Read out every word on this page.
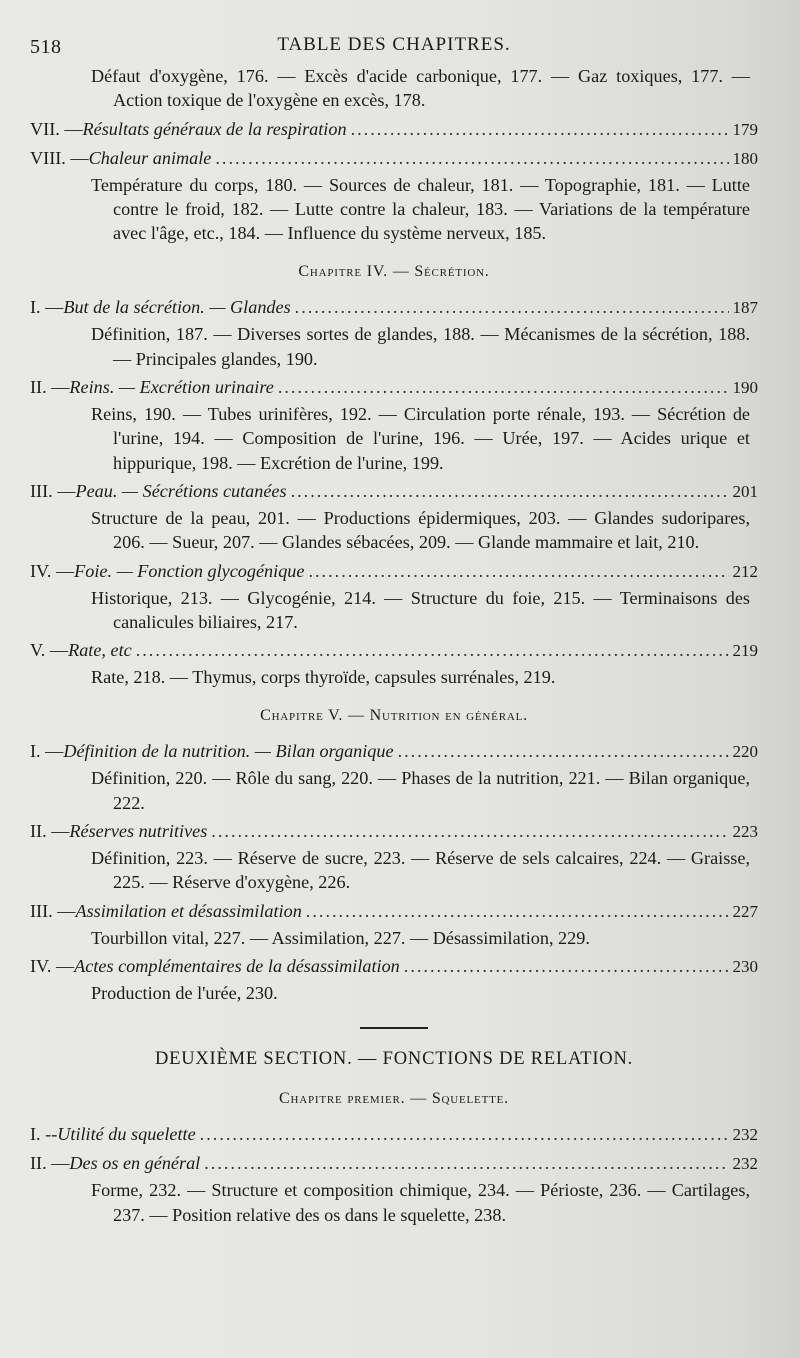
518	TABLE DES CHAPITRES.
Défaut d'oxygène, 176. — Excès d'acide carbonique, 177. — Gaz toxiques, 177. — Action toxique de l'oxygène en excès, 178.
VII. — Résultats généraux de la respiration .....	179
VIII. — Chaleur animale .....	180
Température du corps, 180. — Sources de chaleur, 181. — Topographie, 181. — Lutte contre le froid, 182. — Lutte contre la chaleur, 183. — Variations de la température avec l'âge, etc., 184. — Influence du système nerveux, 185.
Chapitre IV. — Sécrétion.
I. — But de la sécrétion. — Glandes .....	187
Définition, 187. — Diverses sortes de glandes, 188. — Mécanismes de la sécrétion, 188. — Principales glandes, 190.
II. — Reins. — Excrétion urinaire .....	190
Reins, 190. — Tubes urinifères, 192. — Circulation porte rénale, 193. — Sécrétion de l'urine, 194. — Composition de l'urine, 196. — Urée, 197. — Acides urique et hippurique, 198. — Excrétion de l'urine, 199.
III. — Peau. — Sécrétions cutanées .....	201
Structure de la peau, 201. — Productions épidermiques, 203. — Glandes sudoripares, 206. — Sueur, 207. — Glandes sébacées, 209. — Glande mammaire et lait, 210.
IV. — Foie. — Fonction glycogénique .....	212
Historique, 213. — Glycogénie, 214. — Structure du foie, 215. — Terminaisons des canalicules biliaires, 217.
V. — Rate, etc .....	219
Rate, 218. — Thymus, corps thyroïde, capsules surrénales, 219.
Chapitre V. — Nutrition en général.
I. — Définition de la nutrition. — Bilan organique .....	220
Définition, 220. — Rôle du sang, 220. — Phases de la nutrition, 221. — Bilan organique, 222.
II. — Réserves nutritives .....	223
Définition, 223. — Réserve de sucre, 223. — Réserve de sels calcaires, 224. — Graisse, 225. — Réserve d'oxygène, 226.
III. — Assimilation et désassimilation .....	227
Tourbillon vital, 227. — Assimilation, 227. — Désassimilation, 229.
IV. — Actes complémentaires de la désassimilation .....	230
Production de l'urée, 230.
DEUXIÈME SECTION. — FONCTIONS DE RELATION.
Chapitre premier. — Squelette.
I. -- Utilité du squelette .....	232
II. — Des os en général .....	232
Forme, 232. — Structure et composition chimique, 234. — Périoste, 236. — Cartilages, 237. — Position relative des os dans le squelette, 238.
